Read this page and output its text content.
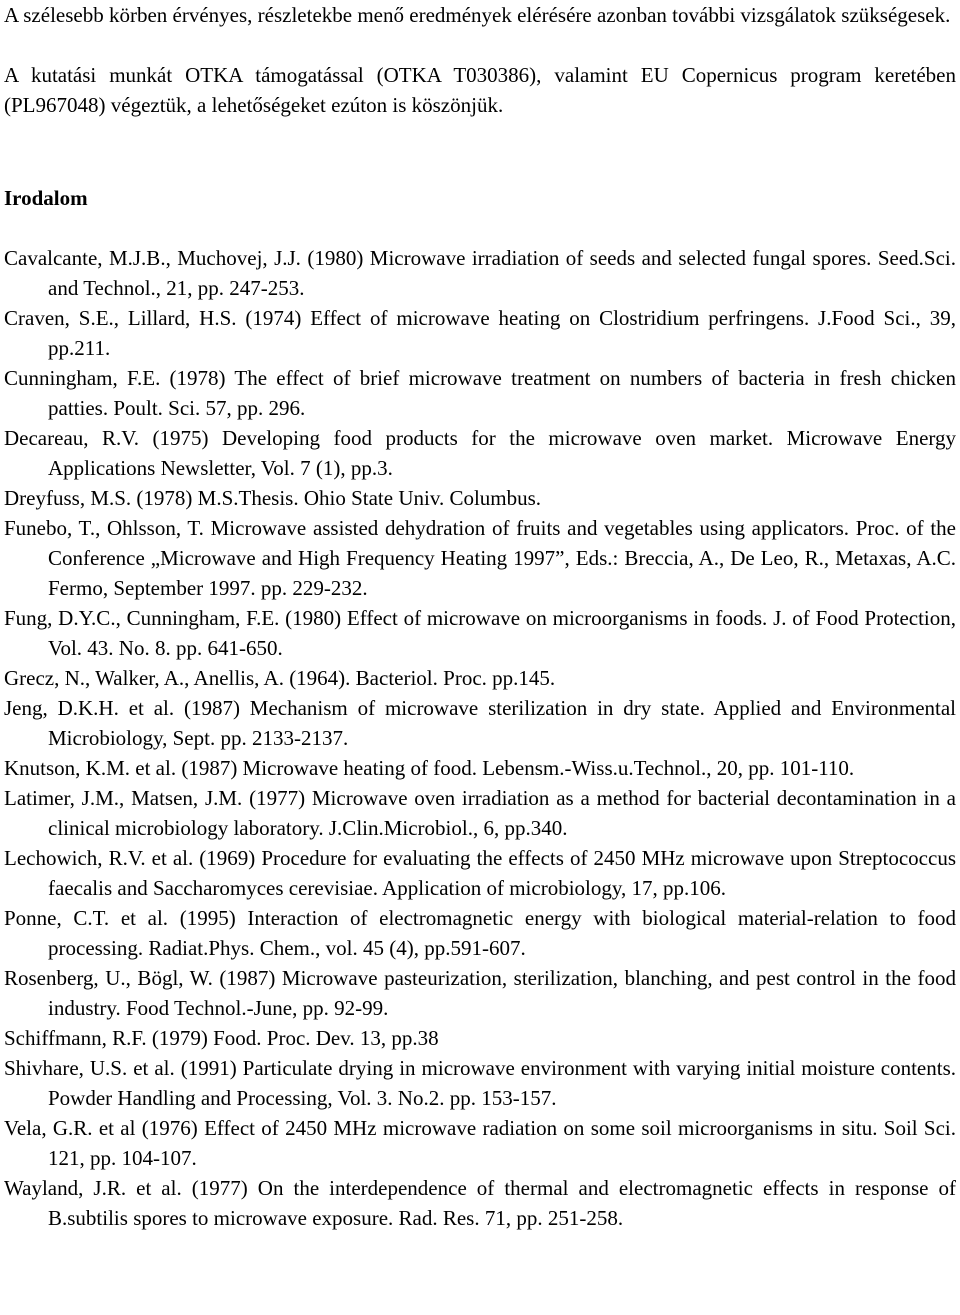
A szélesebb körben érvényes, részletekbe menő eredmények elérésére azonban további vizsgálatok szükségesek.

A kutatási munkát OTKA támogatással (OTKA T030386), valamint EU Copernicus program keretében (PL967048) végeztük, a lehetőségeket ezúton is köszönjük.

Irodalom
Cavalcante, M.J.B., Muchovej, J.J. (1980) Microwave irradiation of seeds and selected fungal spores. Seed.Sci. and Technol., 21, pp. 247-253.
Craven, S.E., Lillard, H.S. (1974) Effect of microwave heating on Clostridium perfringens. J.Food Sci., 39, pp.211.
Cunningham, F.E. (1978) The effect of brief microwave treatment on numbers of bacteria in fresh chicken patties. Poult. Sci. 57, pp. 296.
Decareau, R.V. (1975) Developing food products for the microwave oven market. Microwave Energy Applications Newsletter, Vol. 7 (1), pp.3.
Dreyfuss, M.S. (1978) M.S.Thesis. Ohio State Univ. Columbus.
Funebo, T., Ohlsson, T. Microwave assisted dehydration of fruits and vegetables using applicators. Proc. of the Conference „Microwave and High Frequency Heating 1997”, Eds.: Breccia, A., De Leo, R., Metaxas, A.C. Fermo, September 1997. pp. 229-232.
Fung, D.Y.C., Cunningham, F.E. (1980) Effect of microwave on microorganisms in foods. J. of Food Protection, Vol. 43. No. 8. pp. 641-650.
Grecz, N., Walker, A., Anellis, A. (1964). Bacteriol. Proc. pp.145.
Jeng, D.K.H. et al. (1987) Mechanism of microwave sterilization in dry state. Applied and Environmental Microbiology, Sept. pp. 2133-2137.
Knutson, K.M. et al. (1987) Microwave heating of food. Lebensm.-Wiss.u.Technol., 20, pp. 101-110.
Latimer, J.M., Matsen, J.M. (1977) Microwave oven irradiation as a method for bacterial decontamination in a clinical microbiology laboratory. J.Clin.Microbiol., 6, pp.340.
Lechowich, R.V. et al. (1969) Procedure for evaluating the effects of 2450 MHz microwave upon Streptococcus faecalis and Saccharomyces cerevisiae. Application of microbiology, 17, pp.106.
Ponne, C.T. et al. (1995) Interaction of electromagnetic energy with biological material-relation to food processing. Radiat.Phys. Chem., vol. 45 (4), pp.591-607.
Rosenberg, U., Bögl, W. (1987) Microwave pasteurization, sterilization, blanching, and pest control in the food industry. Food Technol.-June, pp. 92-99.
Schiffmann, R.F. (1979) Food. Proc. Dev. 13, pp.38
Shivhare, U.S. et al. (1991) Particulate drying in microwave environment with varying initial moisture contents. Powder Handling and Processing, Vol. 3. No.2. pp. 153-157.
Vela, G.R. et al (1976) Effect of 2450 MHz microwave radiation on some soil microorganisms in situ. Soil Sci. 121, pp. 104-107.
Wayland, J.R. et al. (1977) On the interdependence of thermal and electromagnetic effects in response of B.subtilis spores to microwave exposure. Rad. Res. 71, pp. 251-258.
